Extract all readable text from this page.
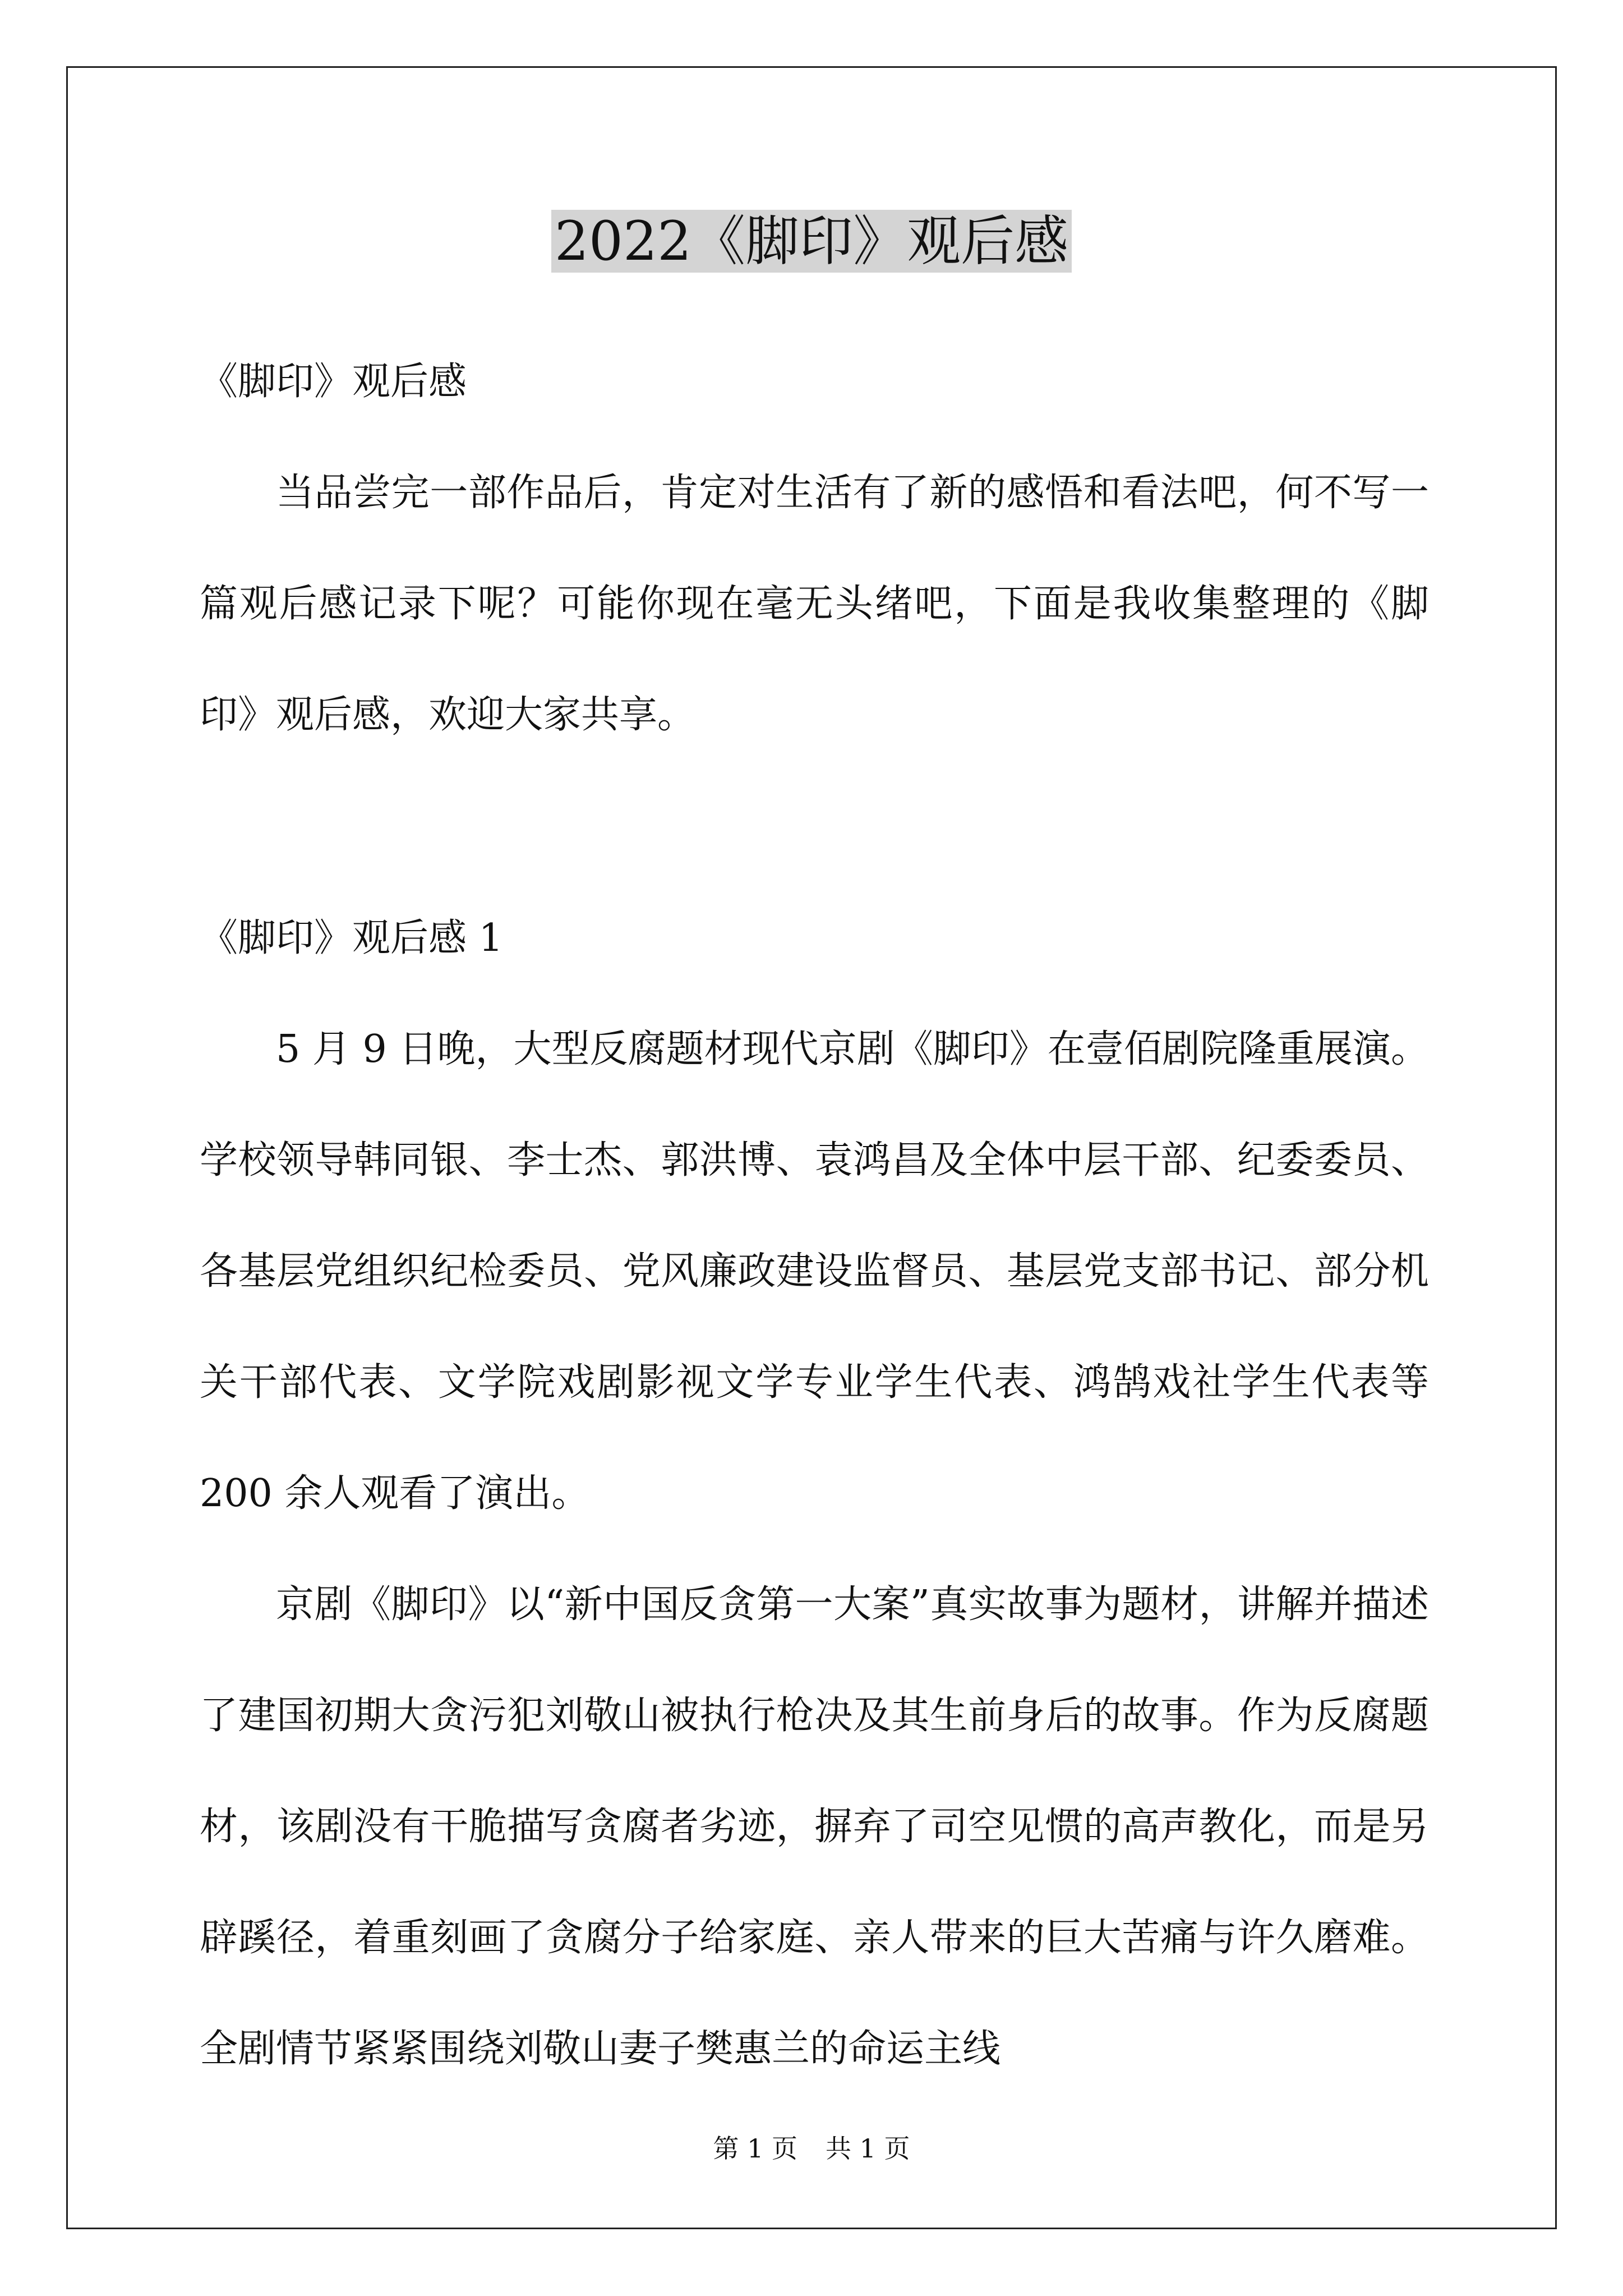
2022《脚印》观后感

《脚印》观后感

当品尝完一部作品后，肯定对生活有了新的感悟和看法吧，何不写一篇观后感记录下呢？可能你现在毫无头绪吧，下面是我收集整理的《脚印》观后感，欢迎大家共享。

《脚印》观后感 1

5 月 9 日晚，大型反腐题材现代京剧《脚印》在壹佰剧院隆重展演。学校领导韩同银、李士杰、郭洪博、袁鸿昌及全体中层干部、纪委委员、各基层党组织纪检委员、党风廉政建设监督员、基层党支部书记、部分机关干部代表、文学院戏剧影视文学专业学生代表、鸿鹄戏社学生代表等 200 余人观看了演出。

京剧《脚印》以“新中国反贪第一大案”真实故事为题材，讲解并描述了建国初期大贪污犯刘敬山被执行枪决及其生前身后的故事。作为反腐题材，该剧没有干脆描写贪腐者劣迹，摒弃了司空见惯的高声教化，而是另辟蹊径，着重刻画了贪腐分子给家庭、亲人带来的巨大苦痛与许久磨难。全剧情节紧紧围绕刘敬山妻子樊惠兰的命运主线

第 1 页 共 1 页
